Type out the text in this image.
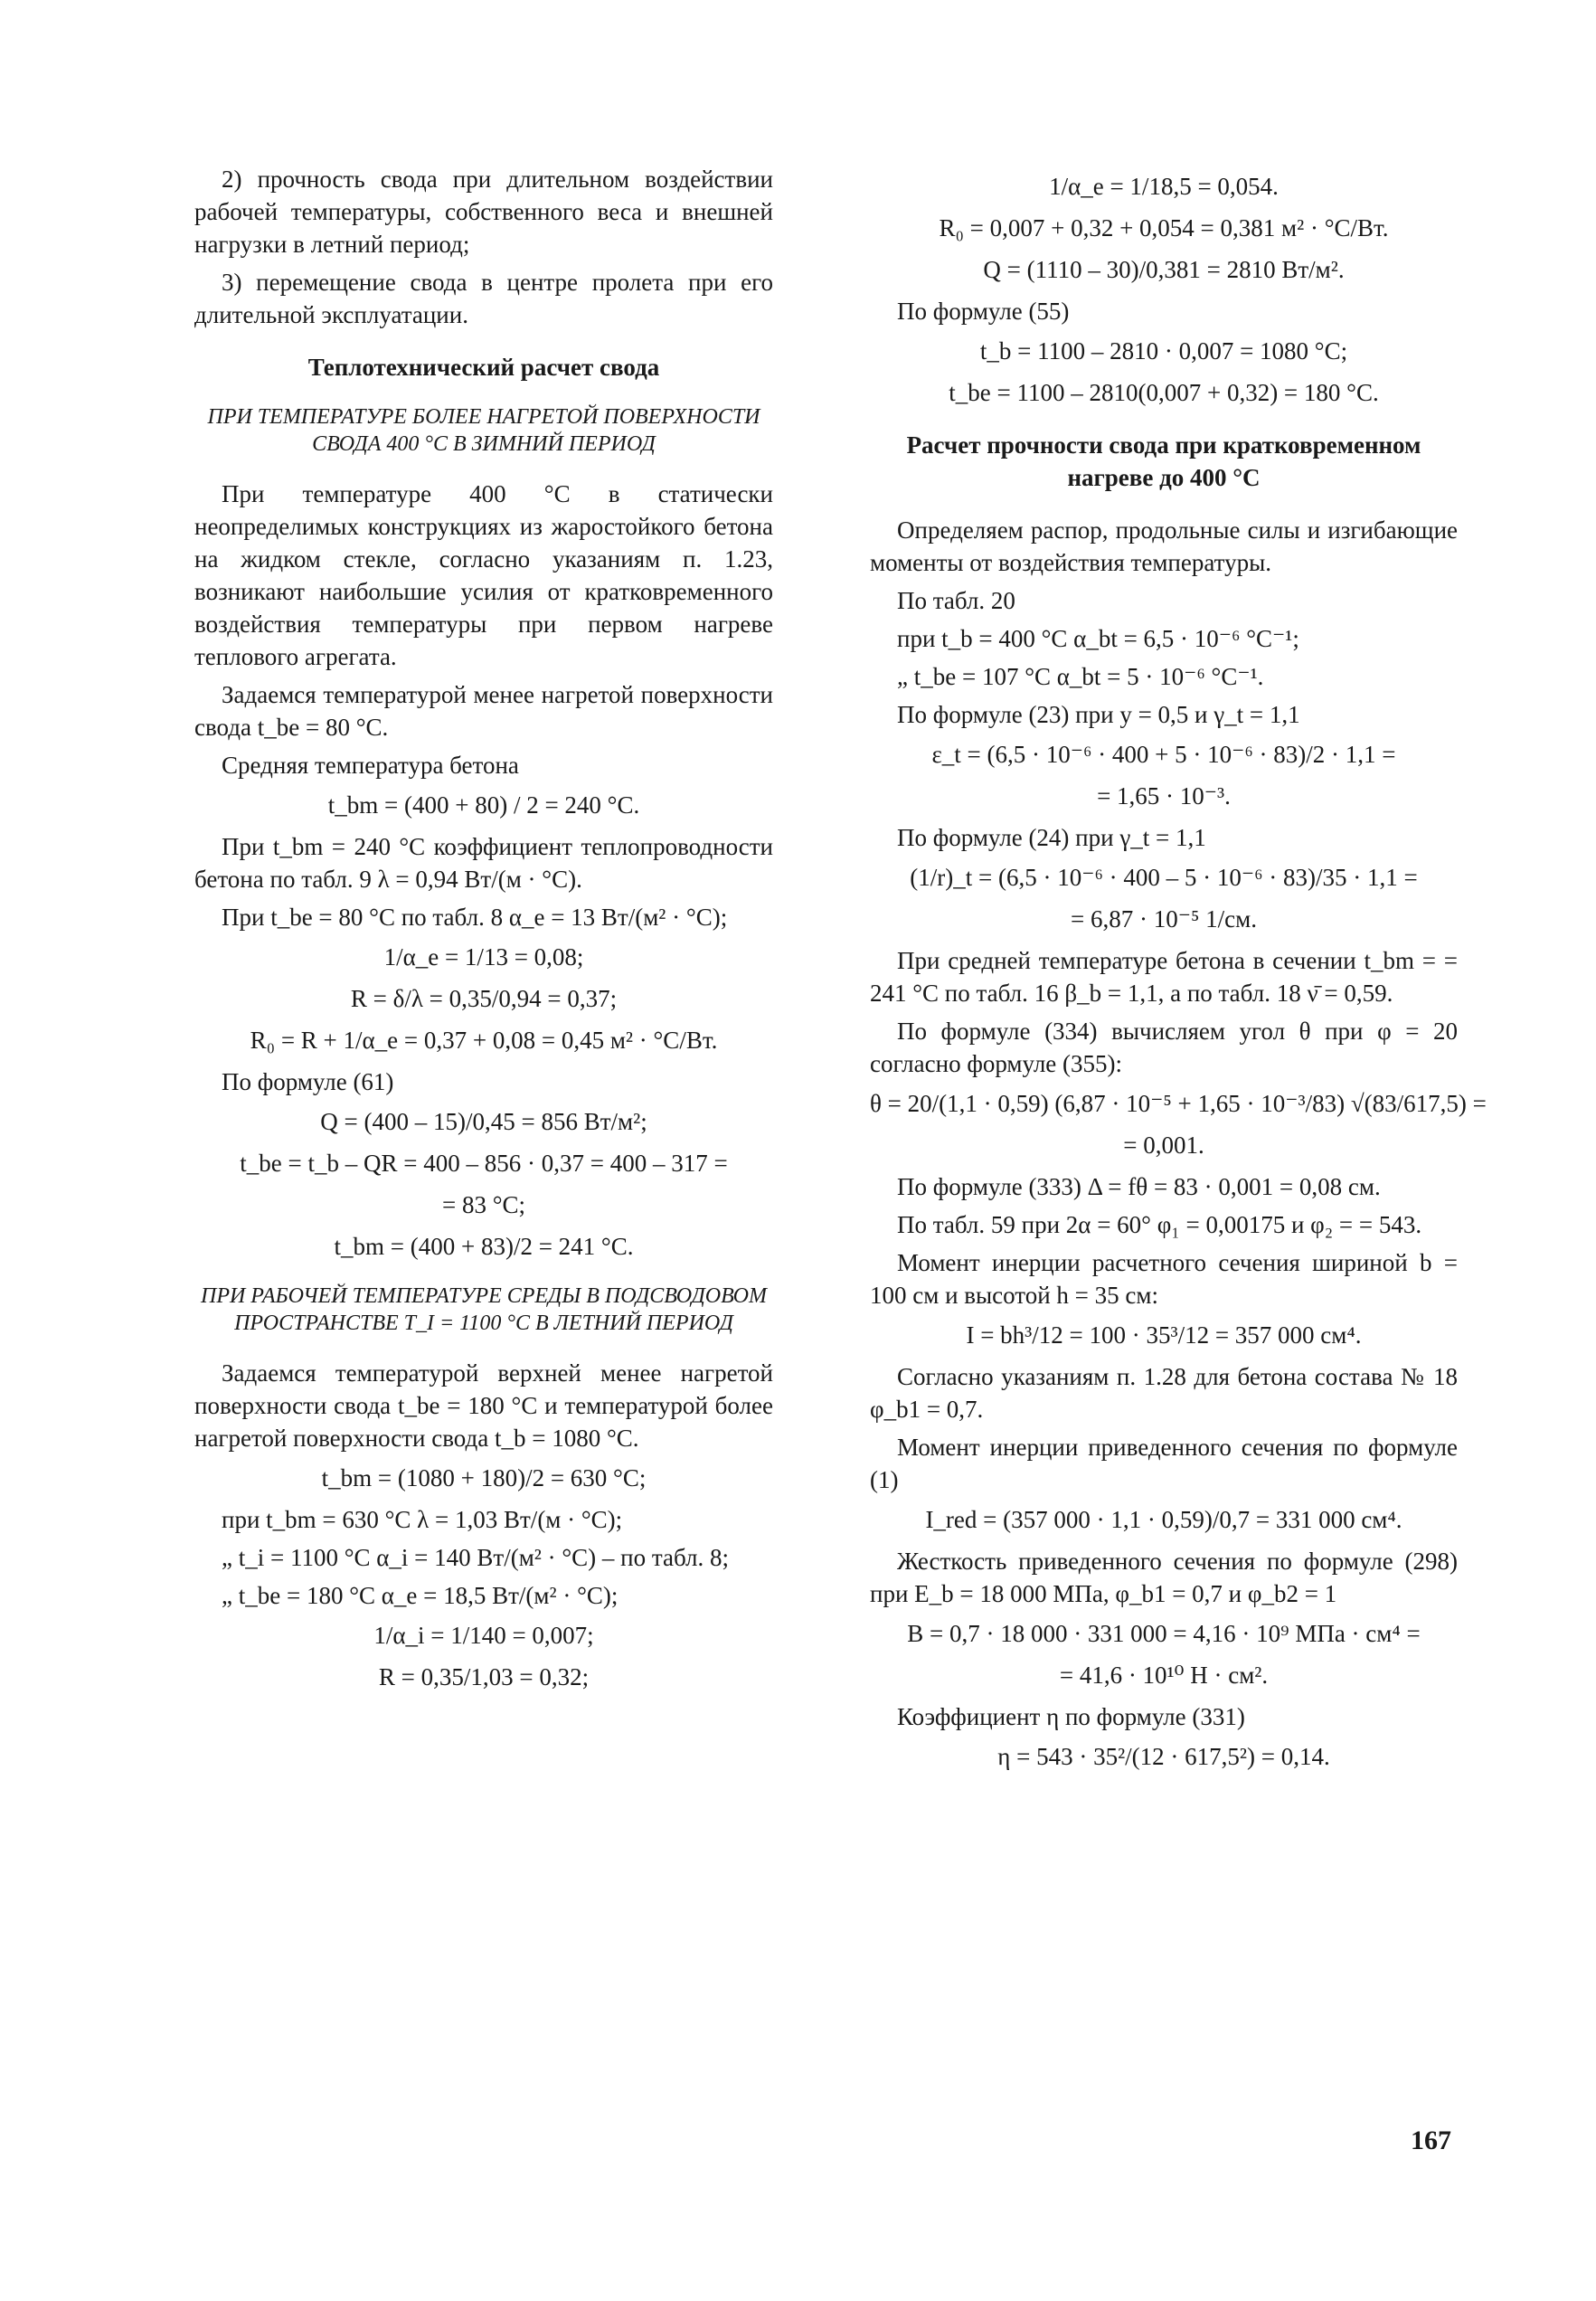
2) прочность свода при длительном воздействии рабочей температуры, собственного веса и внешней нагрузки в летний период;
3) перемещение свода в центре пролета при его длительной эксплуатации.
Теплотехнический расчет свода
ПРИ ТЕМПЕРАТУРЕ БОЛЕЕ НАГРЕТОЙ ПОВЕРХНОСТИ СВОДА 400 °С В ЗИМНИЙ ПЕРИОД
При температуре 400 °С в статически неопределимых конструкциях из жаростойкого бетона на жидком стекле, согласно указаниям п. 1.23, возникают наибольшие усилия от кратковременного воздействия температуры при первом нагреве теплового агрегата.
Задаемся температурой менее нагретой поверхности свода t_be = 80 °С.
Средняя температура бетона
t_bm = (400 + 80) / 2 = 240 °С.
При t_bm = 240 °С коэффициент теплопроводности бетона по табл. 9 λ = 0,94 Вт/(м · °С).
При t_be = 80 °С по табл. 8 α_e = 13 Вт/(м² · °С);
1/α_e = 1/13 = 0,08;
R = δ/λ = 0,35/0,94 = 0,37;
R₀ = R + 1/α_e = 0,37 + 0,08 = 0,45 м² · °С/Вт.
По формуле (61)
Q = (400 – 15)/0,45 = 856 Вт/м²;
t_be = t_b – QR = 400 – 856 · 0,37 = 400 – 317 =
= 83 °С;
t_bm = (400 + 83)/2 = 241 °С.
ПРИ РАБОЧЕЙ ТЕМПЕРАТУРЕ СРЕДЫ В ПОДСВОДОВОМ ПРОСТРАНСТВЕ T_I = 1100 °С В ЛЕТНИЙ ПЕРИОД
Задаемся температурой верхней менее нагретой поверхности свода t_be = 180 °С и температурой более нагретой поверхности свода t_b = 1080 °С.
t_bm = (1080 + 180)/2 = 630 °С;
при t_bm = 630 °С λ = 1,03 Вт/(м · °С);
„ t_i = 1100 °С α_i = 140 Вт/(м² · °С) – по табл. 8;
„ t_be = 180 °С α_e = 18,5 Вт/(м² · °С);
1/α_i = 1/140 = 0,007;
R = 0,35/1,03 = 0,32;
1/α_e = 1/18,5 = 0,054.
R₀ = 0,007 + 0,32 + 0,054 = 0,381 м² · °С/Вт.
Q = (1110 – 30)/0,381 = 2810 Вт/м².
По формуле (55)
t_b = 1100 – 2810 · 0,007 = 1080 °С;
t_be = 1100 – 2810(0,007 + 0,32) = 180 °С.
Расчет прочности свода при кратковременном нагреве до 400 °С
Определяем распор, продольные силы и изгибающие моменты от воздействия температуры.
По табл. 20
при t_b = 400 °С α_bt = 6,5 · 10⁻⁶ °С⁻¹;
„ t_be = 107 °С α_bt = 5 · 10⁻⁶ °С⁻¹.
По формуле (23) при y = 0,5 и γ_t = 1,1
ε_t = (6,5 · 10⁻⁶ · 400 + 5 · 10⁻⁶ · 83)/2 · 1,1 =
= 1,65 · 10⁻³.
По формуле (24) при γ_t = 1,1
(1/r)_t = (6,5 · 10⁻⁶ · 400 – 5 · 10⁻⁶ · 83)/35 · 1,1 =
= 6,87 · 10⁻⁵ 1/см.
При средней температуре бетона в сечении t_bm = = 241 °С по табл. 16 β_b = 1,1, а по табл. 18 ν̄ = 0,59.
По формуле (334) вычисляем угол θ при φ = 20 согласно формуле (355):
θ = 20/(1,1 · 0,59) (6,87 · 10⁻⁵ + 1,65 · 10⁻³/83) √(83/617,5) =
= 0,001.
По формуле (333) Δ = fθ = 83 · 0,001 = 0,08 см.
По табл. 59 при 2α = 60° φ₁ = 0,00175 и φ₂ = = 543.
Момент инерции расчетного сечения шириной b = 100 см и высотой h = 35 см:
I = bh³/12 = 100 · 35³/12 = 357 000 см⁴.
Согласно указаниям п. 1.28 для бетона состава № 18 φ_b1 = 0,7.
Момент инерции приведенного сечения по формуле (1)
I_red = (357 000 · 1,1 · 0,59)/0,7 = 331 000 см⁴.
Жесткость приведенного сечения по формуле (298) при E_b = 18 000 МПа, φ_b1 = 0,7 и φ_b2 = 1
B = 0,7 · 18 000 · 331 000 = 4,16 · 10⁹ МПа · см⁴ =
= 41,6 · 10¹⁰ Н · см².
Коэффициент η по формуле (331)
η = 543 · 35²/(12 · 617,5²) = 0,14.
167
